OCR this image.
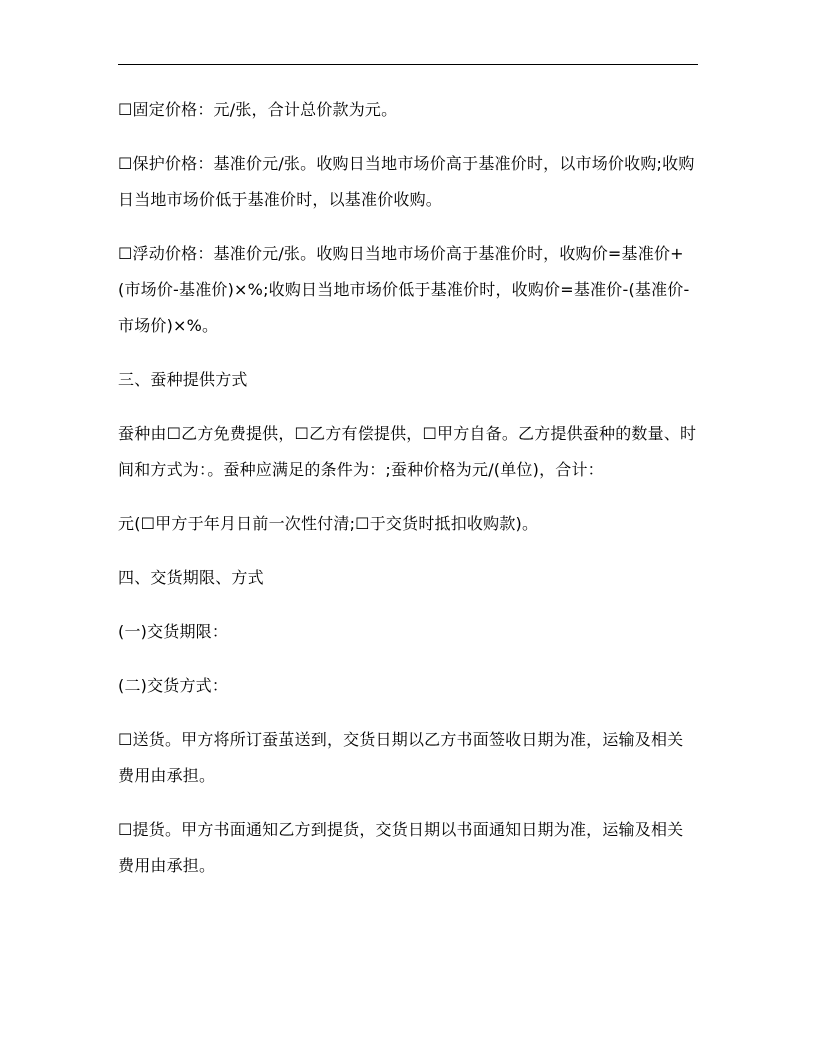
☐固定价格：元/张，合计总价款为元。

☐保护价格：基准价元/张。收购日当地市场价高于基准价时，以市场价收购;收购日当地市场价低于基准价时，以基准价收购。

☐浮动价格：基准价元/张。收购日当地市场价高于基准价时，收购价=基准价+(市场价-基准价)×%;收购日当地市场价低于基准价时，收购价=基准价-(基准价-市场价)×%。

三、蚕种提供方式

蚕种由☐乙方免费提供，☐乙方有偿提供，☐甲方自备。乙方提供蚕种的数量、时间和方式为：。蚕种应满足的条件为：;蚕种价格为元/(单位)，合计：

元(☐甲方于年月日前一次性付清;☐于交货时抵扣收购款)。

四、交货期限、方式

(一)交货期限：

(二)交货方式：

☐送货。甲方将所订蚕茧送到，交货日期以乙方书面签收日期为准，运输及相关费用由承担。

☐提货。甲方书面通知乙方到提货，交货日期以书面通知日期为准，运输及相关费用由承担。
